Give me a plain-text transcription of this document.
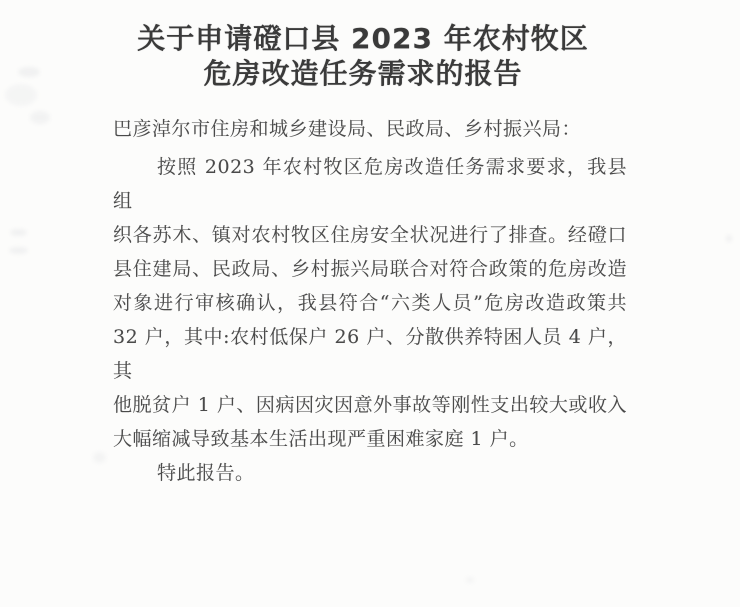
关于申请磴口县 2023 年农村牧区
危房改造任务需求的报告
巴彦淖尔市住房和城乡建设局、民政局、乡村振兴局：
按照 2023 年农村牧区危房改造任务需求要求，我县组
织各苏木、镇对农村牧区住房安全状况进行了排查。经磴口
县住建局、民政局、乡村振兴局联合对符合政策的危房改造
对象进行审核确认，我县符合“六类人员”危房改造政策共
32 户，其中:农村低保户 26 户、分散供养特困人员 4 户，其
他脱贫户 1 户、因病因灾因意外事故等刚性支出较大或收入
大幅缩减导致基本生活出现严重困难家庭 1 户。
特此报告。
